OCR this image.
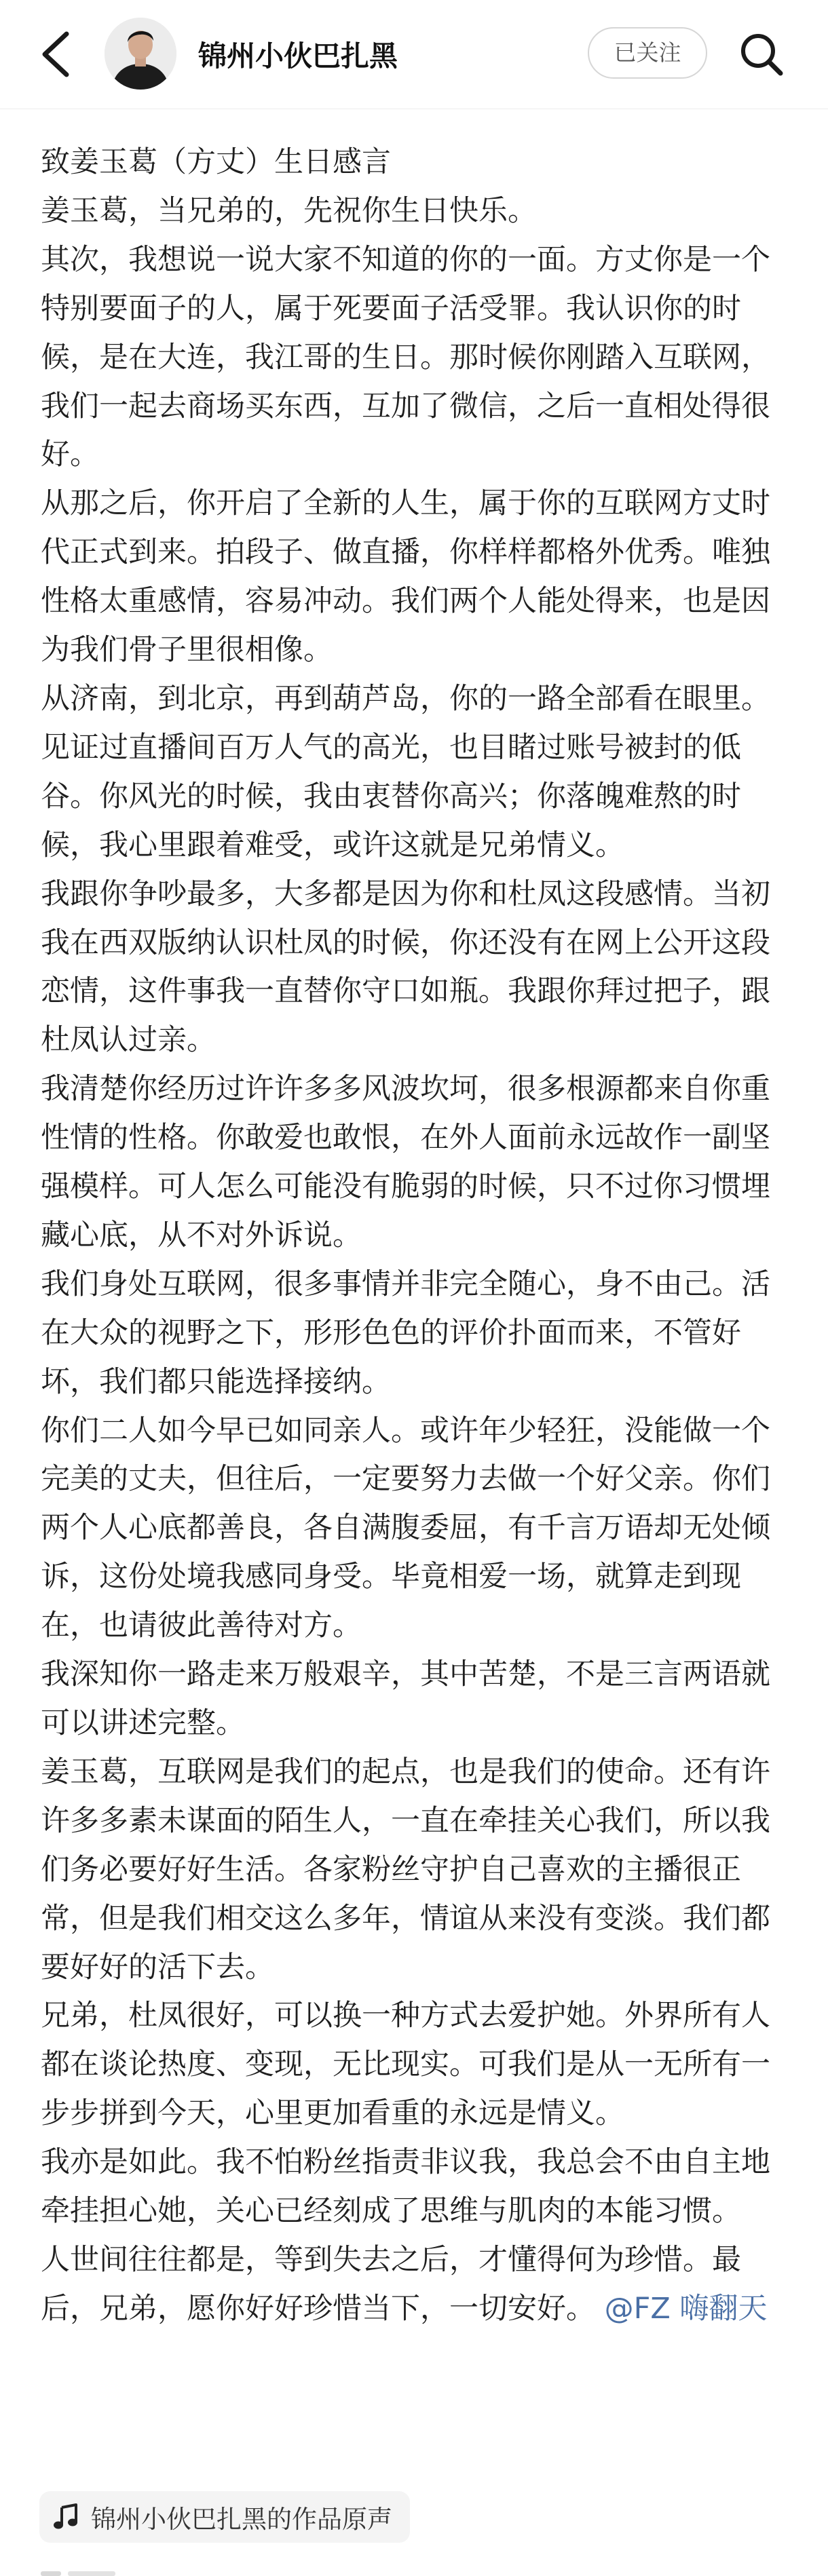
锦州小伙巴扎黑	已关注

致姜玉葛（方丈）生日感言

姜玉葛，当兄弟的，先祝你生日快乐。

其次，我想说一说大家不知道的你的一面。方丈你是一个特别要面子的人，属于死要面子活受罪。我认识你的时候，是在大连，我江哥的生日。那时候你刚踏入互联网，我们一起去商场买东西，互加了微信，之后一直相处得很好。

从那之后，你开启了全新的人生，属于你的互联网方丈时代正式到来。拍段子、做直播，你样样都格外优秀。唯独性格太重感情，容易冲动。我们两个人能处得来，也是因为我们骨子里很相像。

从济南，到北京，再到葫芦岛，你的一路全部看在眼里。见证过直播间百万人气的高光，也目睹过账号被封的低谷。你风光的时候，我由衷替你高兴；你落魄难熬的时候，我心里跟着难受，或许这就是兄弟情义。

我跟你争吵最多，大多都是因为你和杜凤这段感情。当初我在西双版纳认识杜凤的时候，你还没有在网上公开这段恋情，这件事我一直替你守口如瓶。我跟你拜过把子，跟杜凤认过亲。

我清楚你经历过许许多多风波坎坷，很多根源都来自你重性情的性格。你敢爱也敢恨，在外人面前永远故作一副坚强模样。可人怎么可能没有脆弱的时候，只不过你习惯埋藏心底，从不对外诉说。

我们身处互联网，很多事情并非完全随心，身不由己。活在大众的视野之下，形形色色的评价扑面而来，不管好坏，我们都只能选择接纳。

你们二人如今早已如同亲人。或许年少轻狂，没能做一个完美的丈夫，但往后，一定要努力去做一个好父亲。你们两个人心底都善良，各自满腹委屈，有千言万语却无处倾诉，这份处境我感同身受。毕竟相爱一场，就算走到现在，也请彼此善待对方。

我深知你一路走来万般艰辛，其中苦楚，不是三言两语就可以讲述完整。

姜玉葛，互联网是我们的起点，也是我们的使命。还有许许多多素未谋面的陌生人，一直在牵挂关心我们，所以我们务必要好好生活。各家粉丝守护自己喜欢的主播很正常，但是我们相交这么多年，情谊从来没有变淡。我们都要好好的活下去。

兄弟，杜凤很好，可以换一种方式去爱护她。外界所有人都在谈论热度、变现，无比现实。可我们是从一无所有一步步拼到今天，心里更加看重的永远是情义。

我亦是如此。我不怕粉丝指责非议我，我总会不由自主地牵挂担心她，关心已经刻成了思维与肌肉的本能习惯。

人世间往往都是，等到失去之后，才懂得何为珍惜。最后，兄弟，愿你好好珍惜当下，一切安好。 @FZ 嗨翻天

锦州小伙巴扎黑的作品原声
